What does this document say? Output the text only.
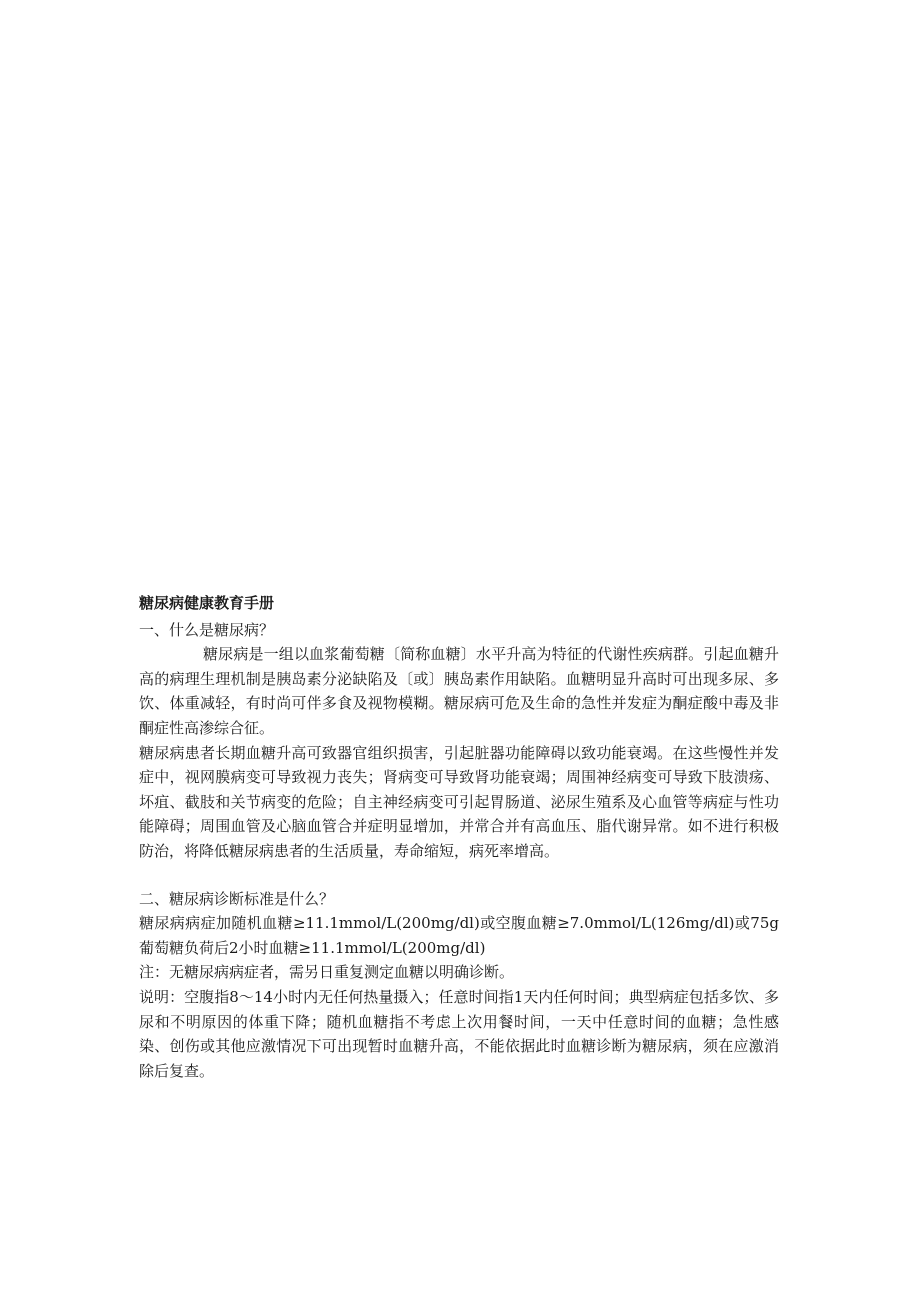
糖尿病健康教育手册

一、什么是糖尿病？

糖尿病是一组以血浆葡萄糖〔简称血糖〕水平升高为特征的代谢性疾病群。引起血糖升高的病理生理机制是胰岛素分泌缺陷及〔或〕胰岛素作用缺陷。血糖明显升高时可出现多尿、多饮、体重减轻，有时尚可伴多食及视物模糊。糖尿病可危及生命的急性并发症为酮症酸中毒及非酮症性高渗综合征。

糖尿病患者长期血糖升高可致器官组织损害，引起脏器功能障碍以致功能衰竭。在这些慢性并发症中，视网膜病变可导致视力丧失；肾病变可导致肾功能衰竭；周围神经病变可导致下肢溃疡、坏疽、截肢和关节病变的危险；自主神经病变可引起胃肠道、泌尿生殖系及心血管等病症与性功能障碍；周围血管及心脑血管合并症明显增加，并常合并有高血压、脂代谢异常。如不进行积极防治，将降低糖尿病患者的生活质量，寿命缩短，病死率增高。

二、糖尿病诊断标准是什么？

糖尿病病症加随机血糖≥11.1mmol/L(200mg/dl)或空腹血糖≥7.0mmol/L(126mg/dl)或75g葡萄糖负荷后2小时血糖≥11.1mmol/L(200mg/dl)

注：无糖尿病病症者，需另日重复测定血糖以明确诊断。

说明：空腹指8～14小时内无任何热量摄入；任意时间指1天内任何时间；典型病症包括多饮、多尿和不明原因的体重下降；随机血糖指不考虑上次用餐时间，一天中任意时间的血糖；急性感染、创伤或其他应激情况下可出现暂时血糖升高，不能依据此时血糖诊断为糖尿病，须在应激消除后复查。
